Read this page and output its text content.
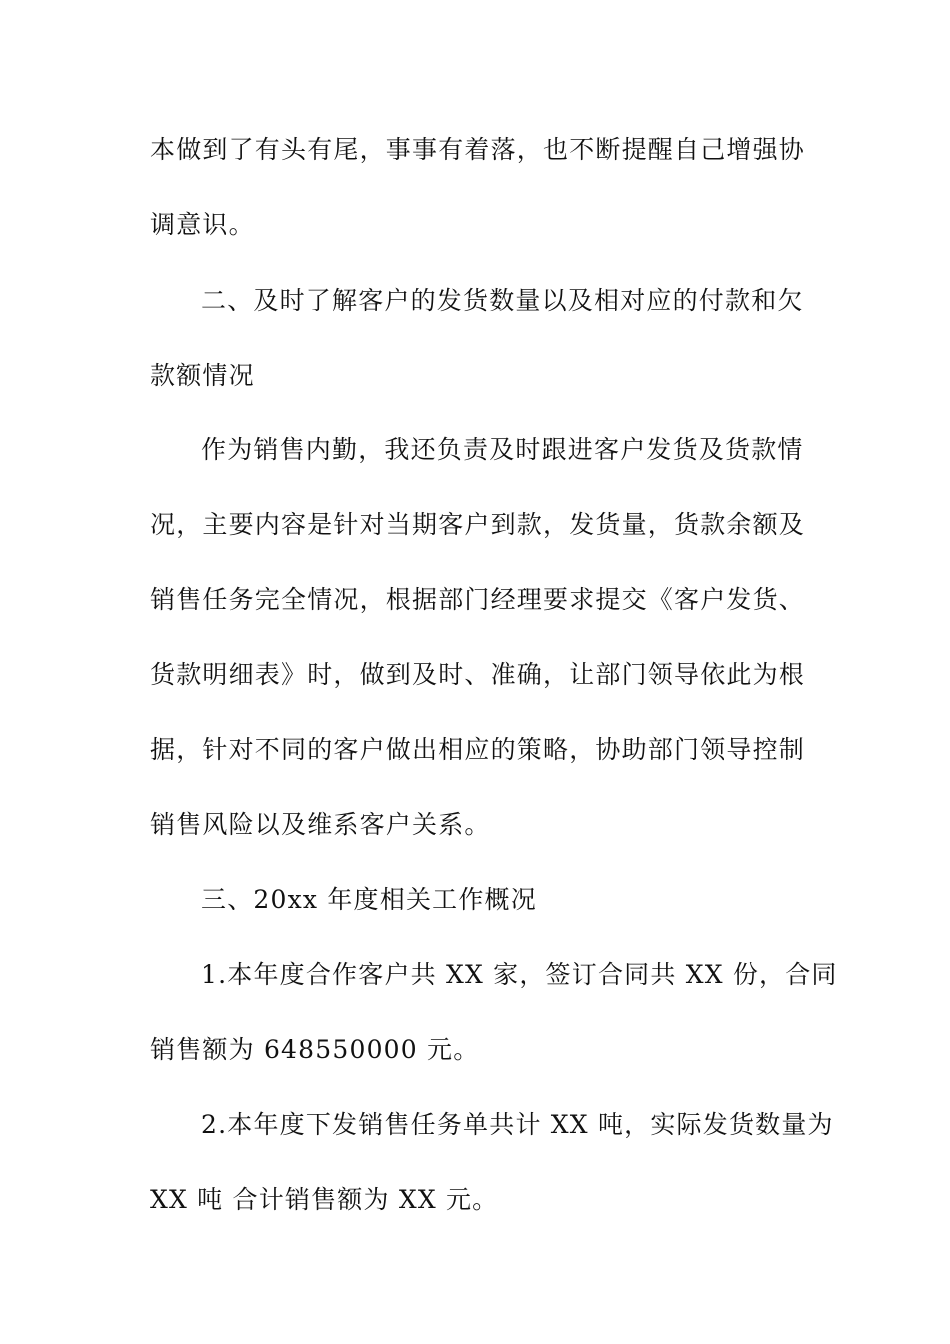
本做到了有头有尾，事事有着落，也不断提醒自己增强协
调意识。
二、及时了解客户的发货数量以及相对应的付款和欠
款额情况
作为销售内勤，我还负责及时跟进客户发货及货款情
况，主要内容是针对当期客户到款，发货量，货款余额及
销售任务完全情况，根据部门经理要求提交《客户发货、
货款明细表》时，做到及时、准确，让部门领导依此为根
据，针对不同的客户做出相应的策略，协助部门领导控制
销售风险以及维系客户关系。
三、20xx 年度相关工作概况
1.本年度合作客户共 XX 家，签订合同共 XX 份，合同
销售额为 648550000 元。
2.本年度下发销售任务单共计 XX 吨，实际发货数量为
XX 吨 合计销售额为 XX 元。
